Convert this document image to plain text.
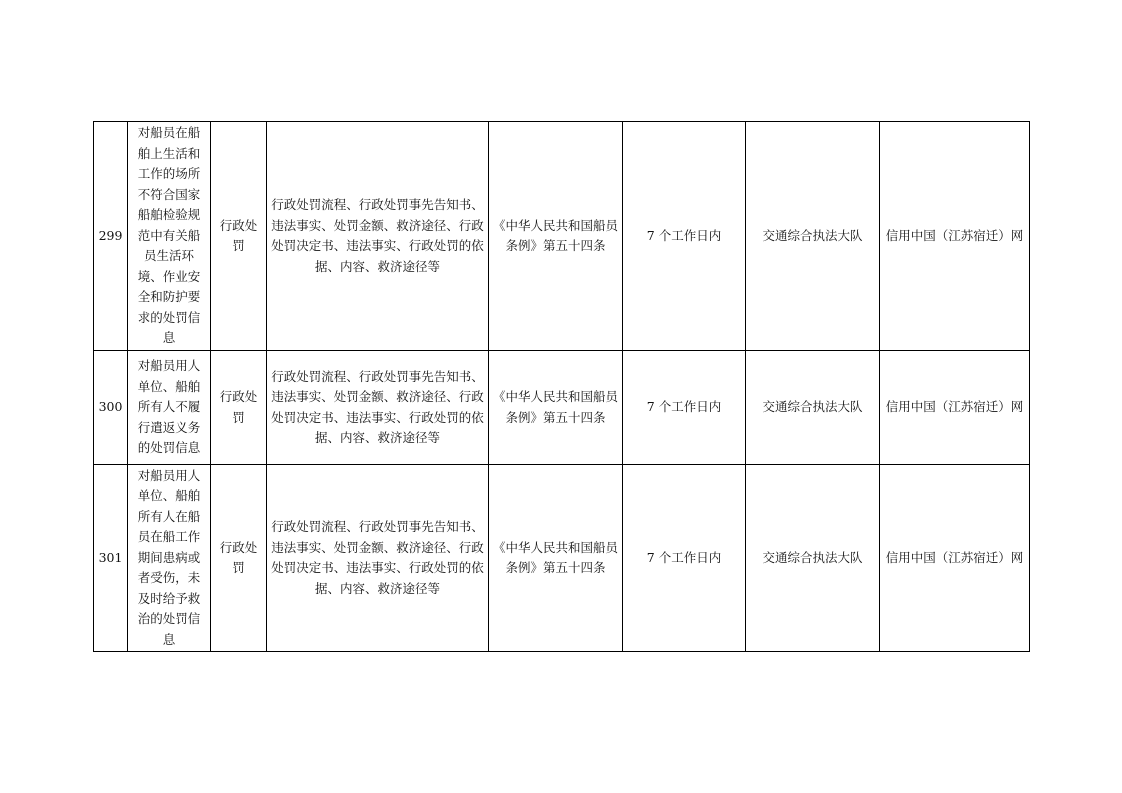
299	对船员在船舶上生活和工作的场所不符合国家船舶检验规范中有关船员生活环境、作业安全和防护要求的处罚信息	行政处罚	行政处罚流程、行政处罚事先告知书、违法事实、处罚金额、救济途径、行政处罚决定书、违法事实、行政处罚的依据、内容、救济途径等	《中华人民共和国船员条例》第五十四条	7 个工作日内	交通综合执法大队	信用中国（江苏宿迁）网
300	对船员用人单位、船舶所有人不履行遣返义务的处罚信息	行政处罚	行政处罚流程、行政处罚事先告知书、违法事实、处罚金额、救济途径、行政处罚决定书、违法事实、行政处罚的依据、内容、救济途径等	《中华人民共和国船员条例》第五十四条	7 个工作日内	交通综合执法大队	信用中国（江苏宿迁）网
301	对船员用人单位、船舶所有人在船员在船工作期间患病或者受伤，未及时给予救治的处罚信息	行政处罚	行政处罚流程、行政处罚事先告知书、违法事实、处罚金额、救济途径、行政处罚决定书、违法事实、行政处罚的依据、内容、救济途径等	《中华人民共和国船员条例》第五十四条	7 个工作日内	交通综合执法大队	信用中国（江苏宿迁）网
